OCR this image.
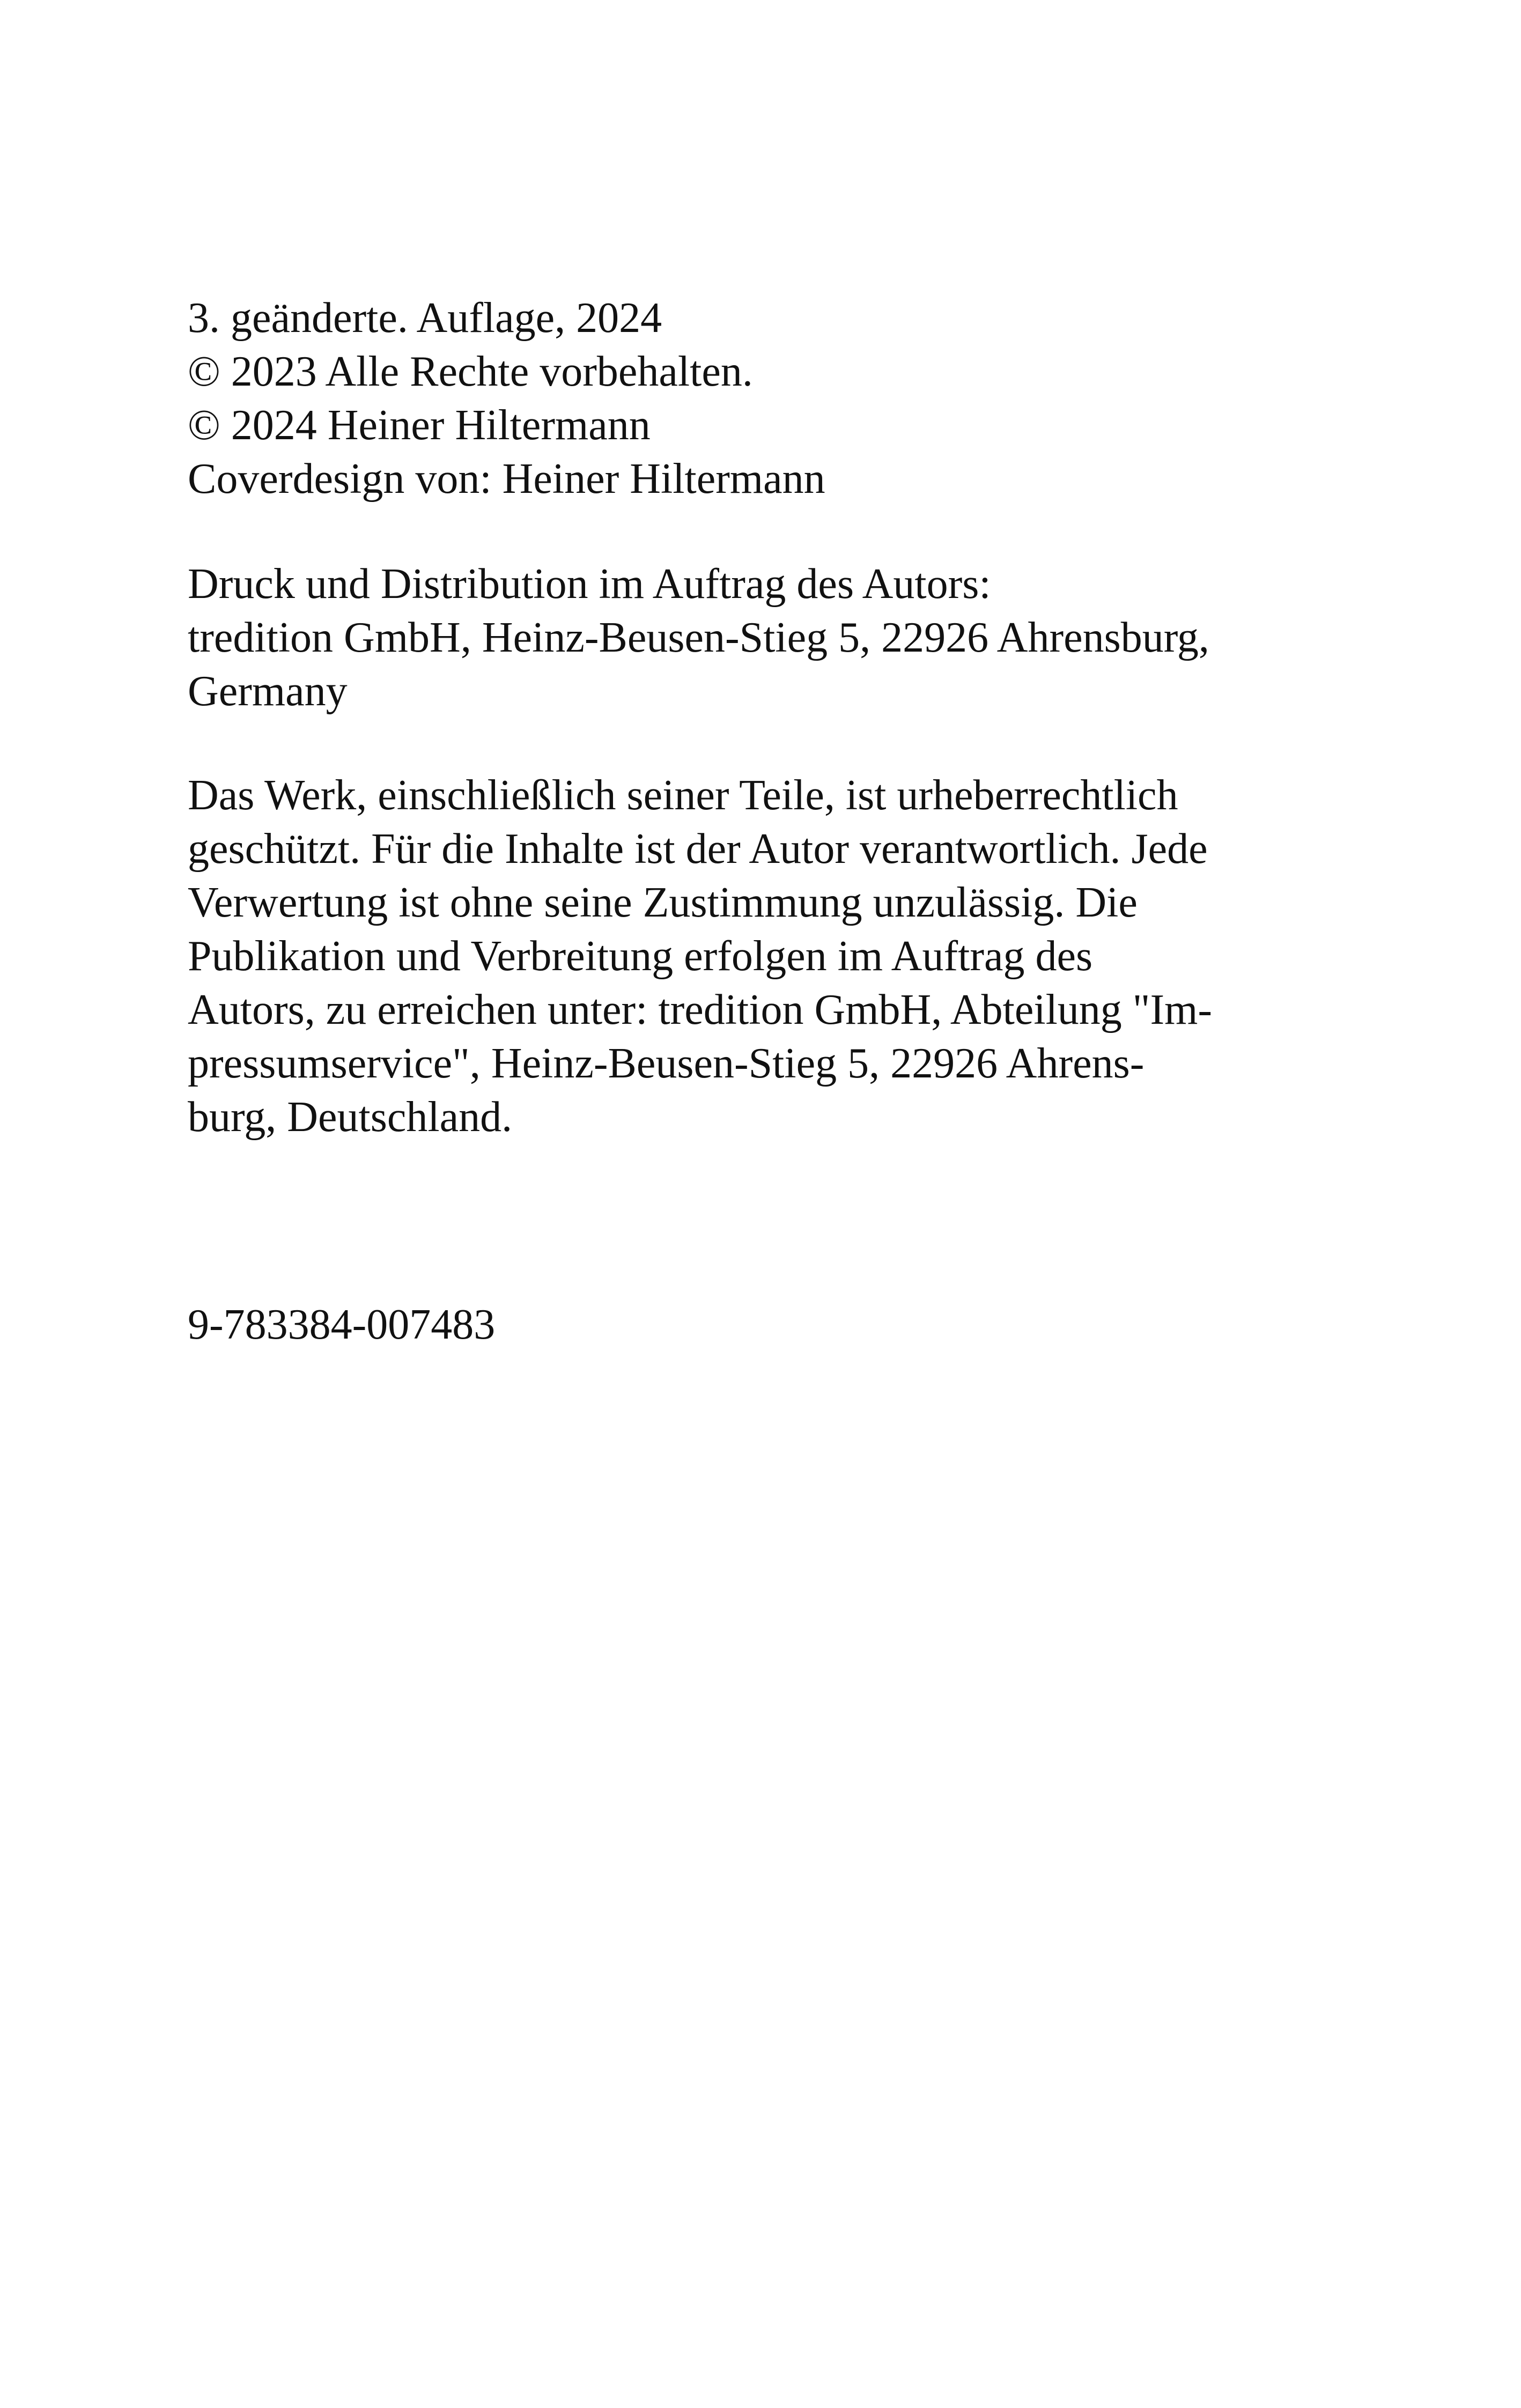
3. geänderte. Auflage, 2024
© 2023 Alle Rechte vorbehalten.
© 2024 Heiner Hiltermann
Coverdesign von: Heiner Hiltermann
Druck und Distribution im Auftrag des Autors:
tredition GmbH, Heinz-Beusen-Stieg 5, 22926 Ahrensburg,
Germany
Das Werk, einschließlich seiner Teile, ist urheberrechtlich
geschützt. Für die Inhalte ist der Autor verantwortlich. Jede
Verwertung ist ohne seine Zustimmung unzulässig. Die
Publikation und Verbreitung erfolgen im Auftrag des
Autors, zu erreichen unter: tredition GmbH, Abteilung "Im-
pressumservice", Heinz-Beusen-Stieg 5, 22926 Ahrens-
burg, Deutschland.
9-783384-007483
